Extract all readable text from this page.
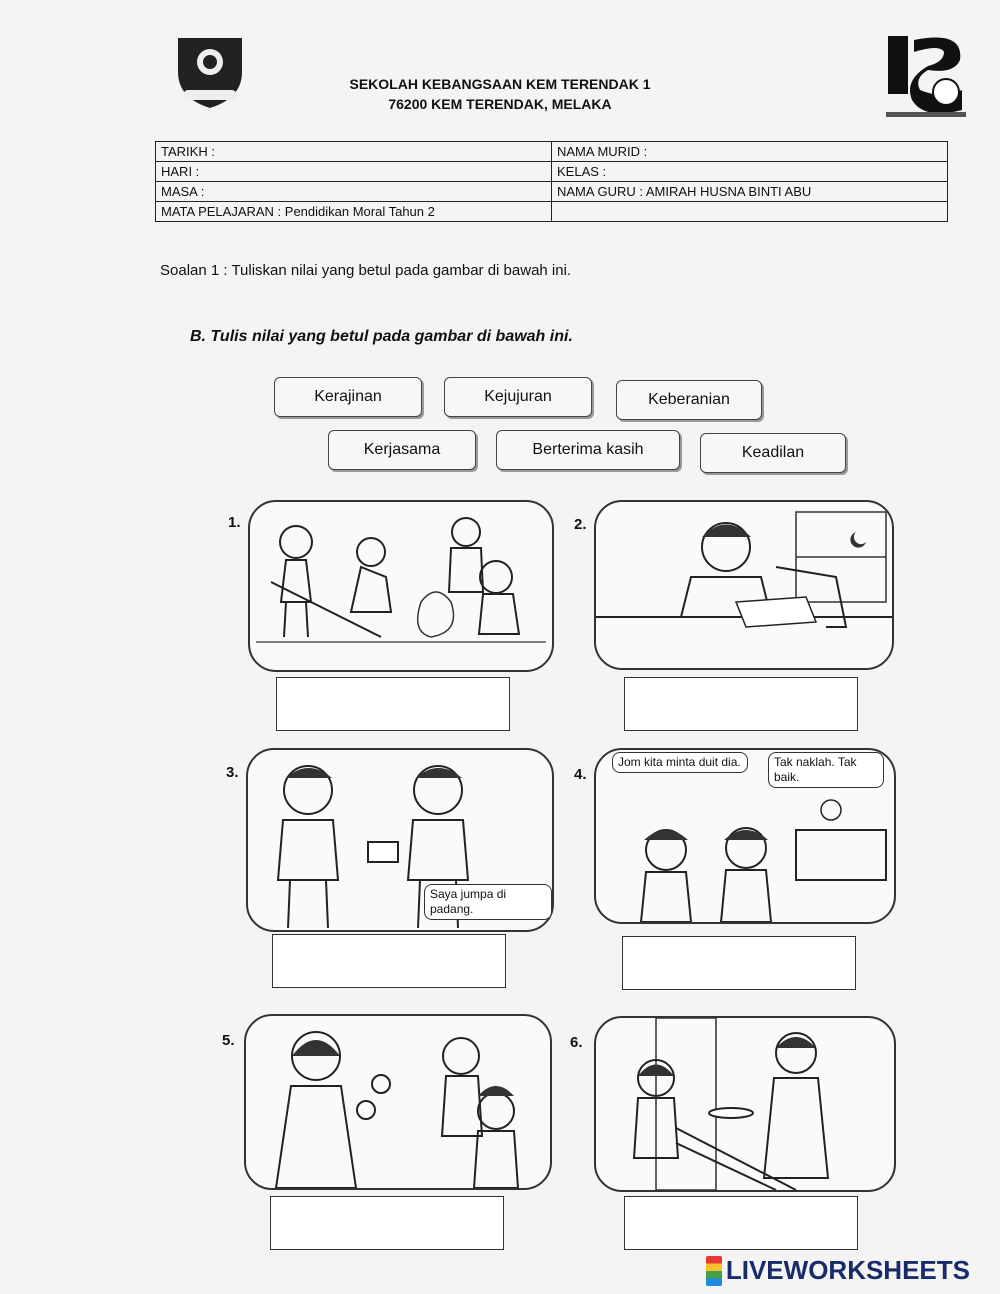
SEKOLAH KEBANGSAAN KEM TERENDAK 1
76200 KEM TERENDAK, MELAKA
TARIKH :	NAMA MURID :
HARI :	KELAS :
MASA :	NAMA GURU : AMIRAH HUSNA BINTI ABU
MATA PELAJARAN : Pendidikan Moral Tahun 2	
Soalan 1 : Tuliskan nilai yang betul pada gambar di bawah ini.
B. Tulis nilai yang betul pada gambar di bawah ini.
Kerajinan	Kejujuran	Keberanian
Kerjasama	Berterima kasih	Keadilan
1.	2.
3.
Saya jumpa di padang.
4.
Jom kita minta duit dia.	Tak naklah. Tak baik.
5.	6.
LIVEWORKSHEETS
